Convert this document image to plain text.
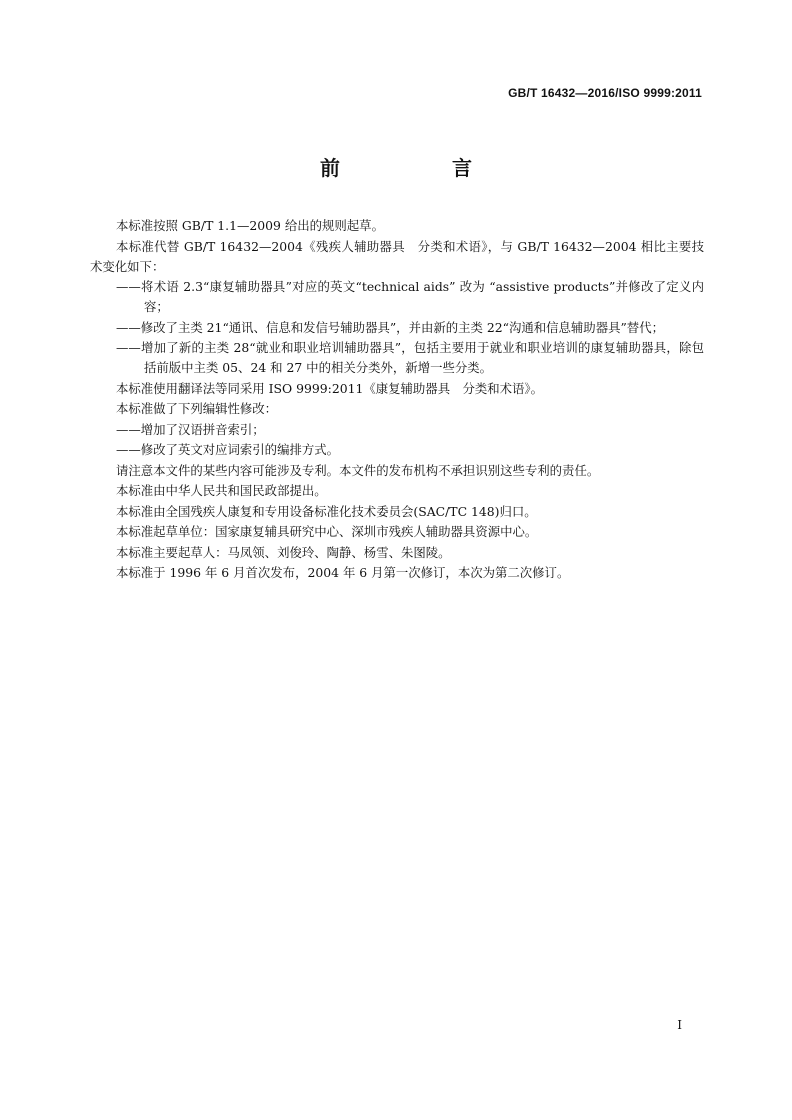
GB/T 16432—2016/ISO 9999:2011
前　言

本标准按照 GB/T 1.1—2009 给出的规则起草。

本标准代替 GB/T 16432—2004《残疾人辅助器具　分类和术语》，与 GB/T 16432—2004 相比主要技术变化如下：

——将术语 2.3“康复辅助器具”对应的英文“technical aids” 改为 “assistive products”并修改了定义内容；

——修改了主类 21“通讯、信息和发信号辅助器具”，并由新的主类 22“沟通和信息辅助器具”替代；

——增加了新的主类 28“就业和职业培训辅助器具”，包括主要用于就业和职业培训的康复辅助器具，除包括前版中主类 05、24 和 27 中的相关分类外，新增一些分类。

本标准使用翻译法等同采用 ISO 9999:2011《康复辅助器具　分类和术语》。

本标准做了下列编辑性修改：

——增加了汉语拼音索引；

——修改了英文对应词索引的编排方式。

请注意本文件的某些内容可能涉及专利。本文件的发布机构不承担识别这些专利的责任。

本标准由中华人民共和国民政部提出。

本标准由全国残疾人康复和专用设备标准化技术委员会(SAC/TC 148)归口。

本标准起草单位：国家康复辅具研究中心、深圳市残疾人辅助器具资源中心。

本标准主要起草人：马凤领、刘俊玲、陶静、杨雪、朱图陵。

本标准于 1996 年 6 月首次发布，2004 年 6 月第一次修订，本次为第二次修订。

I
